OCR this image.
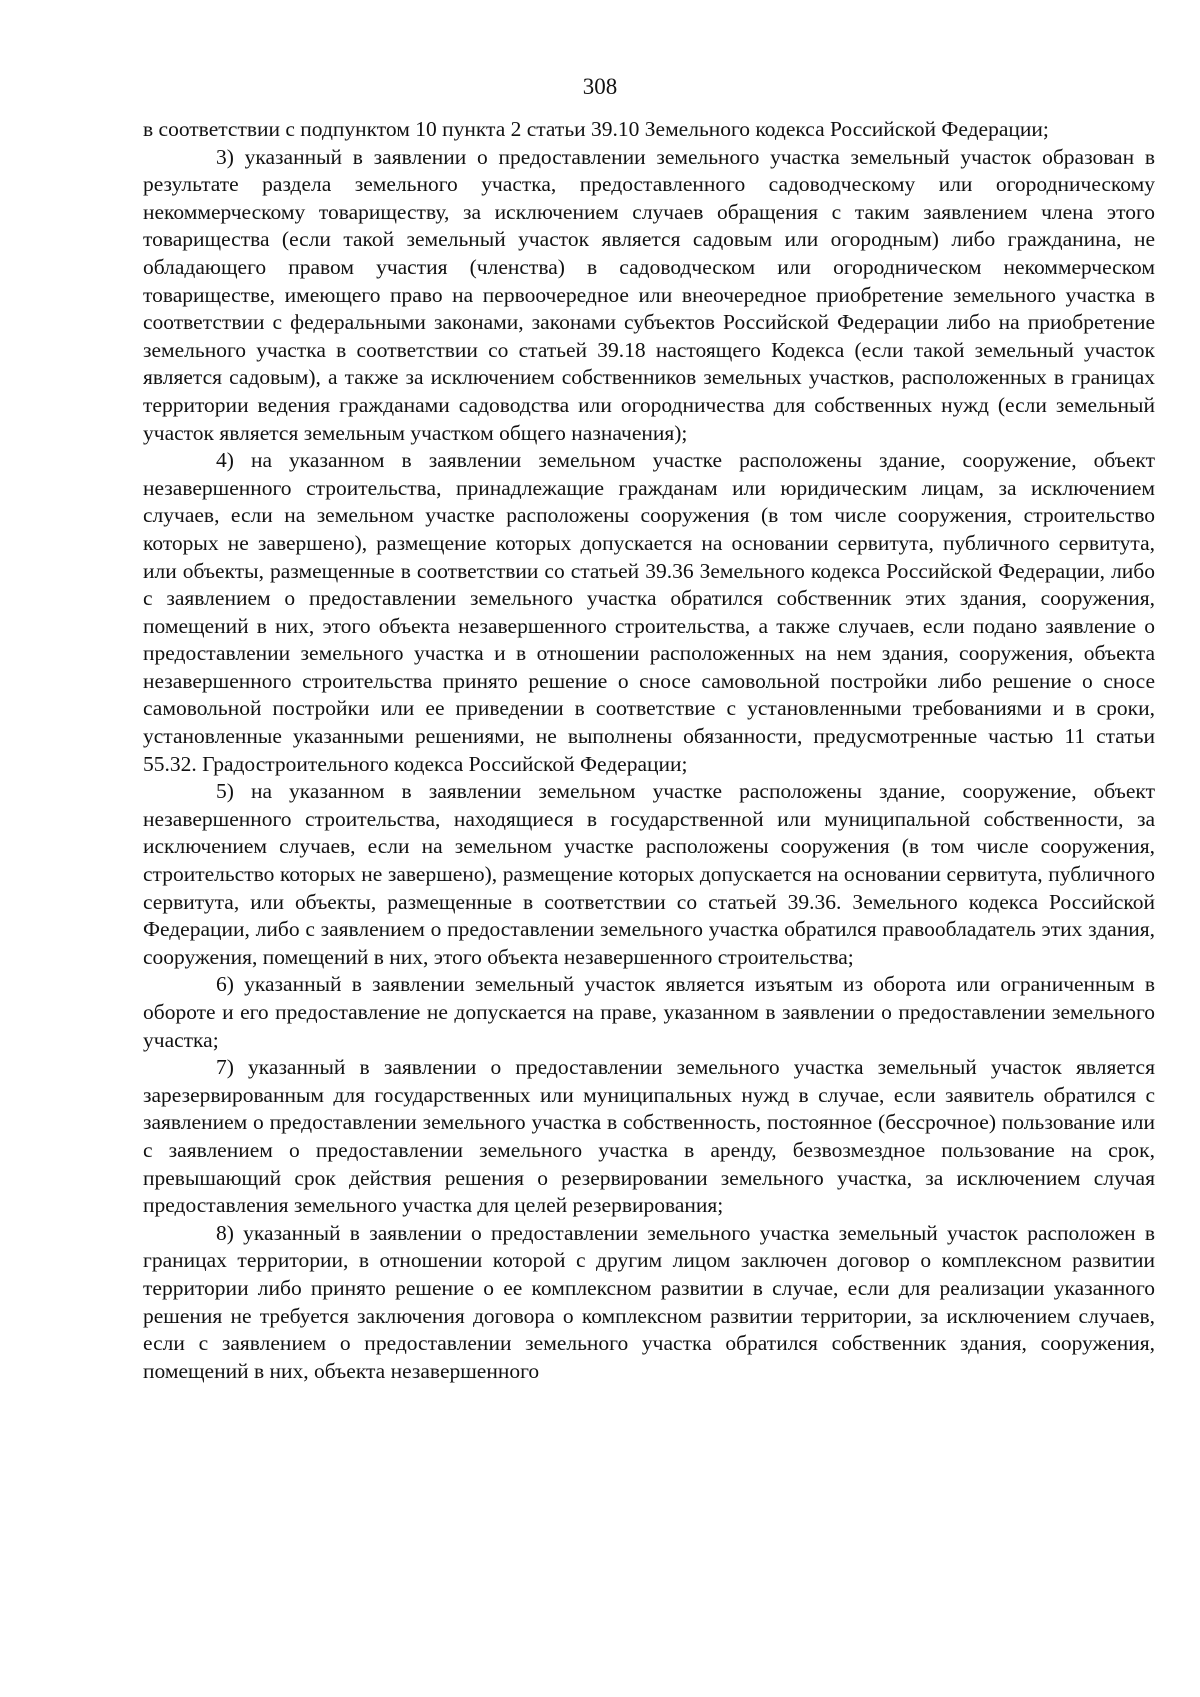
308

в соответствии с подпунктом 10 пункта 2 статьи 39.10 Земельного кодекса Российской Федерации;

3) указанный в заявлении о предоставлении земельного участка земельный участок образован в результате раздела земельного участка, предоставленного садоводческому или огородническому некоммерческому товариществу, за исключением случаев обращения с таким заявлением члена этого товарищества (если такой земельный участок является садовым или огородным) либо гражданина, не обладающего правом участия (членства) в садоводческом или огородническом некоммерческом товариществе, имеющего право на первоочередное или внеочередное приобретение земельного участка в соответствии с федеральными законами, законами субъектов Российской Федерации либо на приобретение земельного участка в соответствии со статьей 39.18 настоящего Кодекса (если такой земельный участок является садовым), а также за исключением собственников земельных участков, расположенных в границах территории ведения гражданами садоводства или огородничества для собственных нужд (если земельный участок является земельным участком общего назначения);

4) на указанном в заявлении земельном участке расположены здание, сооружение, объект незавершенного строительства, принадлежащие гражданам или юридическим лицам, за исключением случаев, если на земельном участке расположены сооружения (в том числе сооружения, строительство которых не завершено), размещение которых допускается на основании сервитута, публичного сервитута, или объекты, размещенные в соответствии со статьей 39.36 Земельного кодекса Российской Федерации, либо с заявлением о предоставлении земельного участка обратился собственник этих здания, сооружения, помещений в них, этого объекта незавершенного строительства, а также случаев, если подано заявление о предоставлении земельного участка и в отношении расположенных на нем здания, сооружения, объекта незавершенного строительства принято решение о сносе самовольной постройки либо решение о сносе самовольной постройки или ее приведении в соответствие с установленными требованиями и в сроки, установленные указанными решениями, не выполнены обязанности, предусмотренные частью 11 статьи 55.32. Градостроительного кодекса Российской Федерации;

5) на указанном в заявлении земельном участке расположены здание, сооружение, объект незавершенного строительства, находящиеся в государственной или муниципальной собственности, за исключением случаев, если на земельном участке расположены сооружения (в том числе сооружения, строительство которых не завершено), размещение которых допускается на основании сервитута, публичного сервитута, или объекты, размещенные в соответствии со статьей 39.36. Земельного кодекса Российской Федерации, либо с заявлением о предоставлении земельного участка обратился правообладатель этих здания, сооружения, помещений в них, этого объекта незавершенного строительства;

6) указанный в заявлении земельный участок является изъятым из оборота или ограниченным в обороте и его предоставление не допускается на праве, указанном в заявлении о предоставлении земельного участка;

7) указанный в заявлении о предоставлении земельного участка земельный участок является зарезервированным для государственных или муниципальных нужд в случае, если заявитель обратился с заявлением о предоставлении земельного участка в собственность, постоянное (бессрочное) пользование или с заявлением о предоставлении земельного участка в аренду, безвозмездное пользование на срок, превышающий срок действия решения о резервировании земельного участка, за исключением случая предоставления земельного участка для целей резервирования;

8) указанный в заявлении о предоставлении земельного участка земельный участок расположен в границах территории, в отношении которой с другим лицом заключен договор о комплексном развитии территории либо принято решение о ее комплексном развитии в случае, если для реализации указанного решения не требуется заключения договора о комплексном развитии территории, за исключением случаев, если с заявлением о предоставлении земельного участка обратился собственник здания, сооружения, помещений в них, объекта незавершенного
